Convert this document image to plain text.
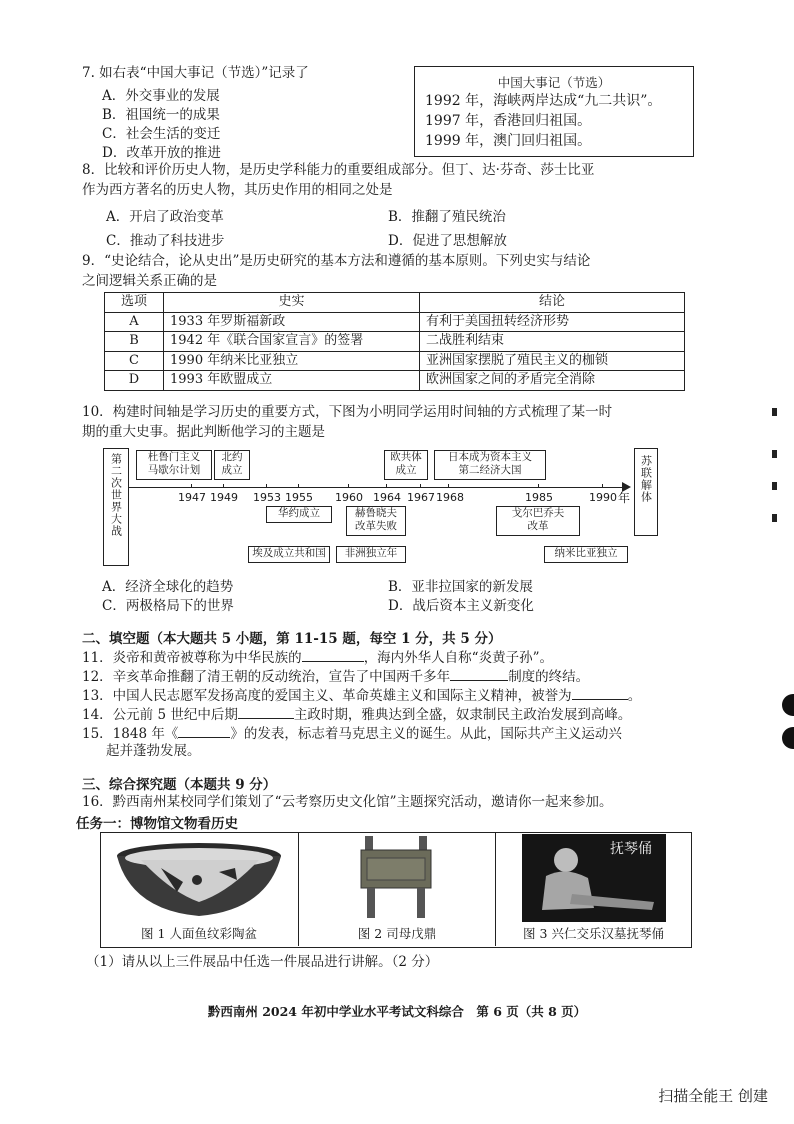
7. 如右表“中国大事记（节选）”记录了
A．外交事业的发展
B．祖国统一的成果
C．社会生活的变迁
D．改革开放的推进
中国大事记（节选）
1992 年，海峡两岸达成“九二共识”。
1997 年，香港回归祖国。
1999 年，澳门回归祖国。
8．比较和评价历史人物，是历史学科能力的重要组成部分。但丁、达·芬奇、莎士比亚
作为西方著名的历史人物，其历史作用的相同之处是
A．开启了政治变革	B．推翻了殖民统治
C．推动了科技进步	D．促进了思想解放
9．“史论结合，论从史出”是历史研究的基本方法和遵循的基本原则。下列史实与结论
之间逻辑关系正确的是
选项	史实	结论
A	1933 年罗斯福新政	有利于美国扭转经济形势
B	1942 年《联合国家宣言》的签署	二战胜利结束
C	1990 年纳米比亚独立	亚洲国家摆脱了殖民主义的枷锁
D	1993 年欧盟成立	欧洲国家之间的矛盾完全消除
10．构建时间轴是学习历史的重要方式，下图为小明同学运用时间轴的方式梳理了某一时
期的重大史事。据此判断他学习的主题是
第二次世界大战	年 苏联解体
杜鲁门主义
马歇尔计划
北约
成立
欧共体
成立
日本成为资本主义
第二经济大国
1947 1949 1953 1955 1960 1964 1967 1968	1985	1990
华约成立
埃及成立共和国
赫鲁晓夫
改革失败
非洲独立年
戈尔巴乔夫
改革
纳米比亚独立
A．经济全球化的趋势	B．亚非拉国家的新发展
C．两极格局下的世界	D．战后资本主义新变化
二、填空题（本大题共 5 小题，第 11-15 题，每空 1 分，共 5 分）
11．炎帝和黄帝被尊称为中华民族的	，海内外华人自称“炎黄子孙”。
12．辛亥革命推翻了清王朝的反动统治，宣告了中国两千多年	制度的终结。
13．中国人民志愿军发扬高度的爱国主义、革命英雄主义和国际主义精神，被誉为	。
14．公元前 5 世纪中后期	主政时期，雅典达到全盛，奴隶制民主政治发展到高峰。
15．1848 年《	》的发表，标志着马克思主义的诞生。从此，国际共产主义运动兴
起并蓬勃发展。
三、综合探究题（本题共 9 分）
16．黔西南州某校同学们策划了“云考察历史文化馆”主题探究活动，邀请你一起来参加。
任务一：博物馆文物看历史
图 1 人面鱼纹彩陶盆	图 2 司母戊鼎
抚琴俑
图 3 兴仁交乐汉墓抚琴俑
（1）请从以上三件展品中任选一件展品进行讲解。（2 分）
黔西南州 2024 年初中学业水平考试文科综合　第 6 页（共 8 页）
扫描全能王 创建
